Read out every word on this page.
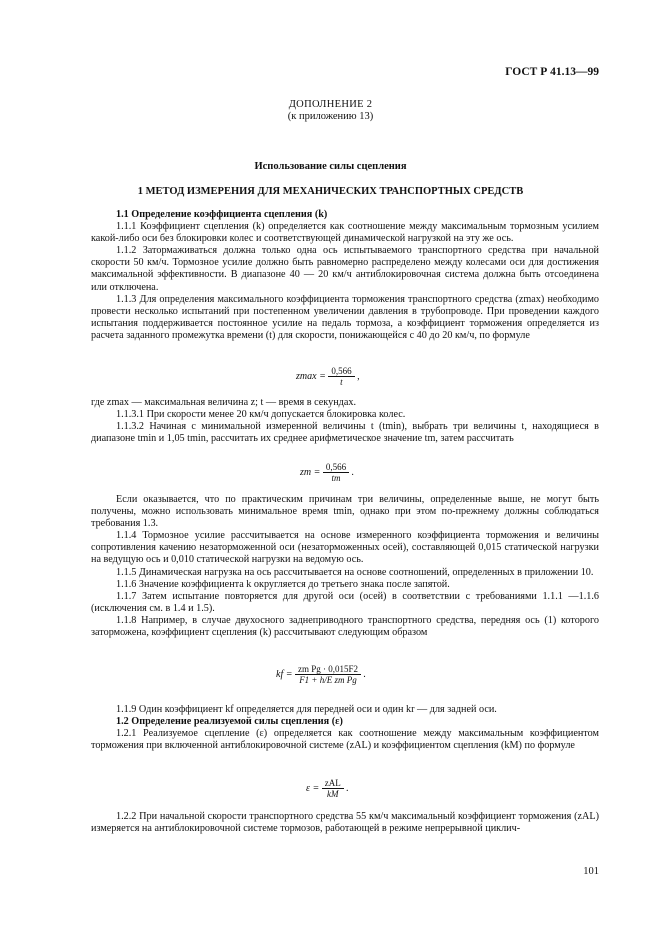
ГОСТ Р 41.13—99
ДОПОЛНЕНИЕ 2
(к приложению 13)
Использование силы сцепления
1 МЕТОД ИЗМЕРЕНИЯ ДЛЯ МЕХАНИЧЕСКИХ ТРАНСПОРТНЫХ СРЕДСТВ

1.1 Определение коэффициента сцепления (k)

1.1.1 Коэффициент сцепления (k) определяется как соотношение между максимальным тормозным усилием какой-либо оси без блокировки колес и соответствующей динамической нагрузкой на эту же ось.

1.1.2 Затормаживаться должна только одна ось испытываемого транспортного средства при начальной скорости 50 км/ч. Тормозное усилие должно быть равномерно распределено между колесами оси для достижения максимальной эффективности. В диапазоне 40 — 20 км/ч антиблокировочная система должна быть отсоединена или отключена.

1.1.3 Для определения максимального коэффициента торможения транспортного средства (zmax) необходимо провести несколько испытаний при постепенном увеличении давления в трубопроводе. При проведении каждого испытания поддерживается постоянное усилие на педаль тормоза, а коэффициент торможения определяется из расчета заданного промежутка времени (t) для скорости, понижающейся с 40 до 20 км/ч, по формуле

$zmax = \frac{0,566}{t}$ ,

где zmax — максимальная величина z; t — время в секундах.

1.1.3.1 При скорости менее 20 км/ч допускается блокировка колес.

1.1.3.2 Начиная с минимальной измеренной величины t (tmin), выбрать три величины t, находящиеся в диапазоне tmin и 1,05 tmin, рассчитать их среднее арифметическое значение tm, затем рассчитать

zm = $\frac{0,566}{tm}$ .

Если оказывается, что по практическим причинам три величины, определенные выше, не могут быть получены, можно использовать минимальное время tmin, однако при этом по-прежнему должны соблюдаться требования 1.3.

1.1.4 Тормозное усилие рассчитывается на основе измеренного коэффициента торможения и величины сопротивления качению незаторможенной оси (незаторможенных осей), составляющей 0,015 статической нагрузки на ведущую ось и 0,010 статической нагрузки на ведомую ось.

1.1.5 Динамическая нагрузка на ось рассчитывается на основе соотношений, определенных в приложении 10.

1.1.6 Значение коэффициента k округляется до третьего знака после запятой.

1.1.7 Затем испытание повторяется для другой оси (осей) в соответствии с требованиями 1.1.1 —1.1.6 (исключения см. в 1.4 и 1.5).

1.1.8 Например, в случае двухосного заднеприводного транспортного средства, передняя ось (1) которого заторможена, коэффициент сцепления (k) рассчитывают следующим образом

kf = $\frac{\text{zm Pg · 0,015F2}}{\text{F1 + h/E zm Pg}}$ .

1.1.9 Один коэффициент kf определяется для передней оси и один kr — для задней оси.

1.2 Определение реализуемой силы сцепления (ε)

1.2.1 Реализуемое сцепление (ε) определяется как соотношение между максимальным коэффициентом торможения при включенной антиблокировочной системе (zAL) и коэффициентом сцепления (kM) по формуле

ε = zAL
kM
.

1.2.2 При начальной скорости транспортного средства 55 км/ч максимальный коэффициент торможения (zAL) измеряется на антиблокировочной системе тормозов, работающей в режиме непрерывной циклич-

101
